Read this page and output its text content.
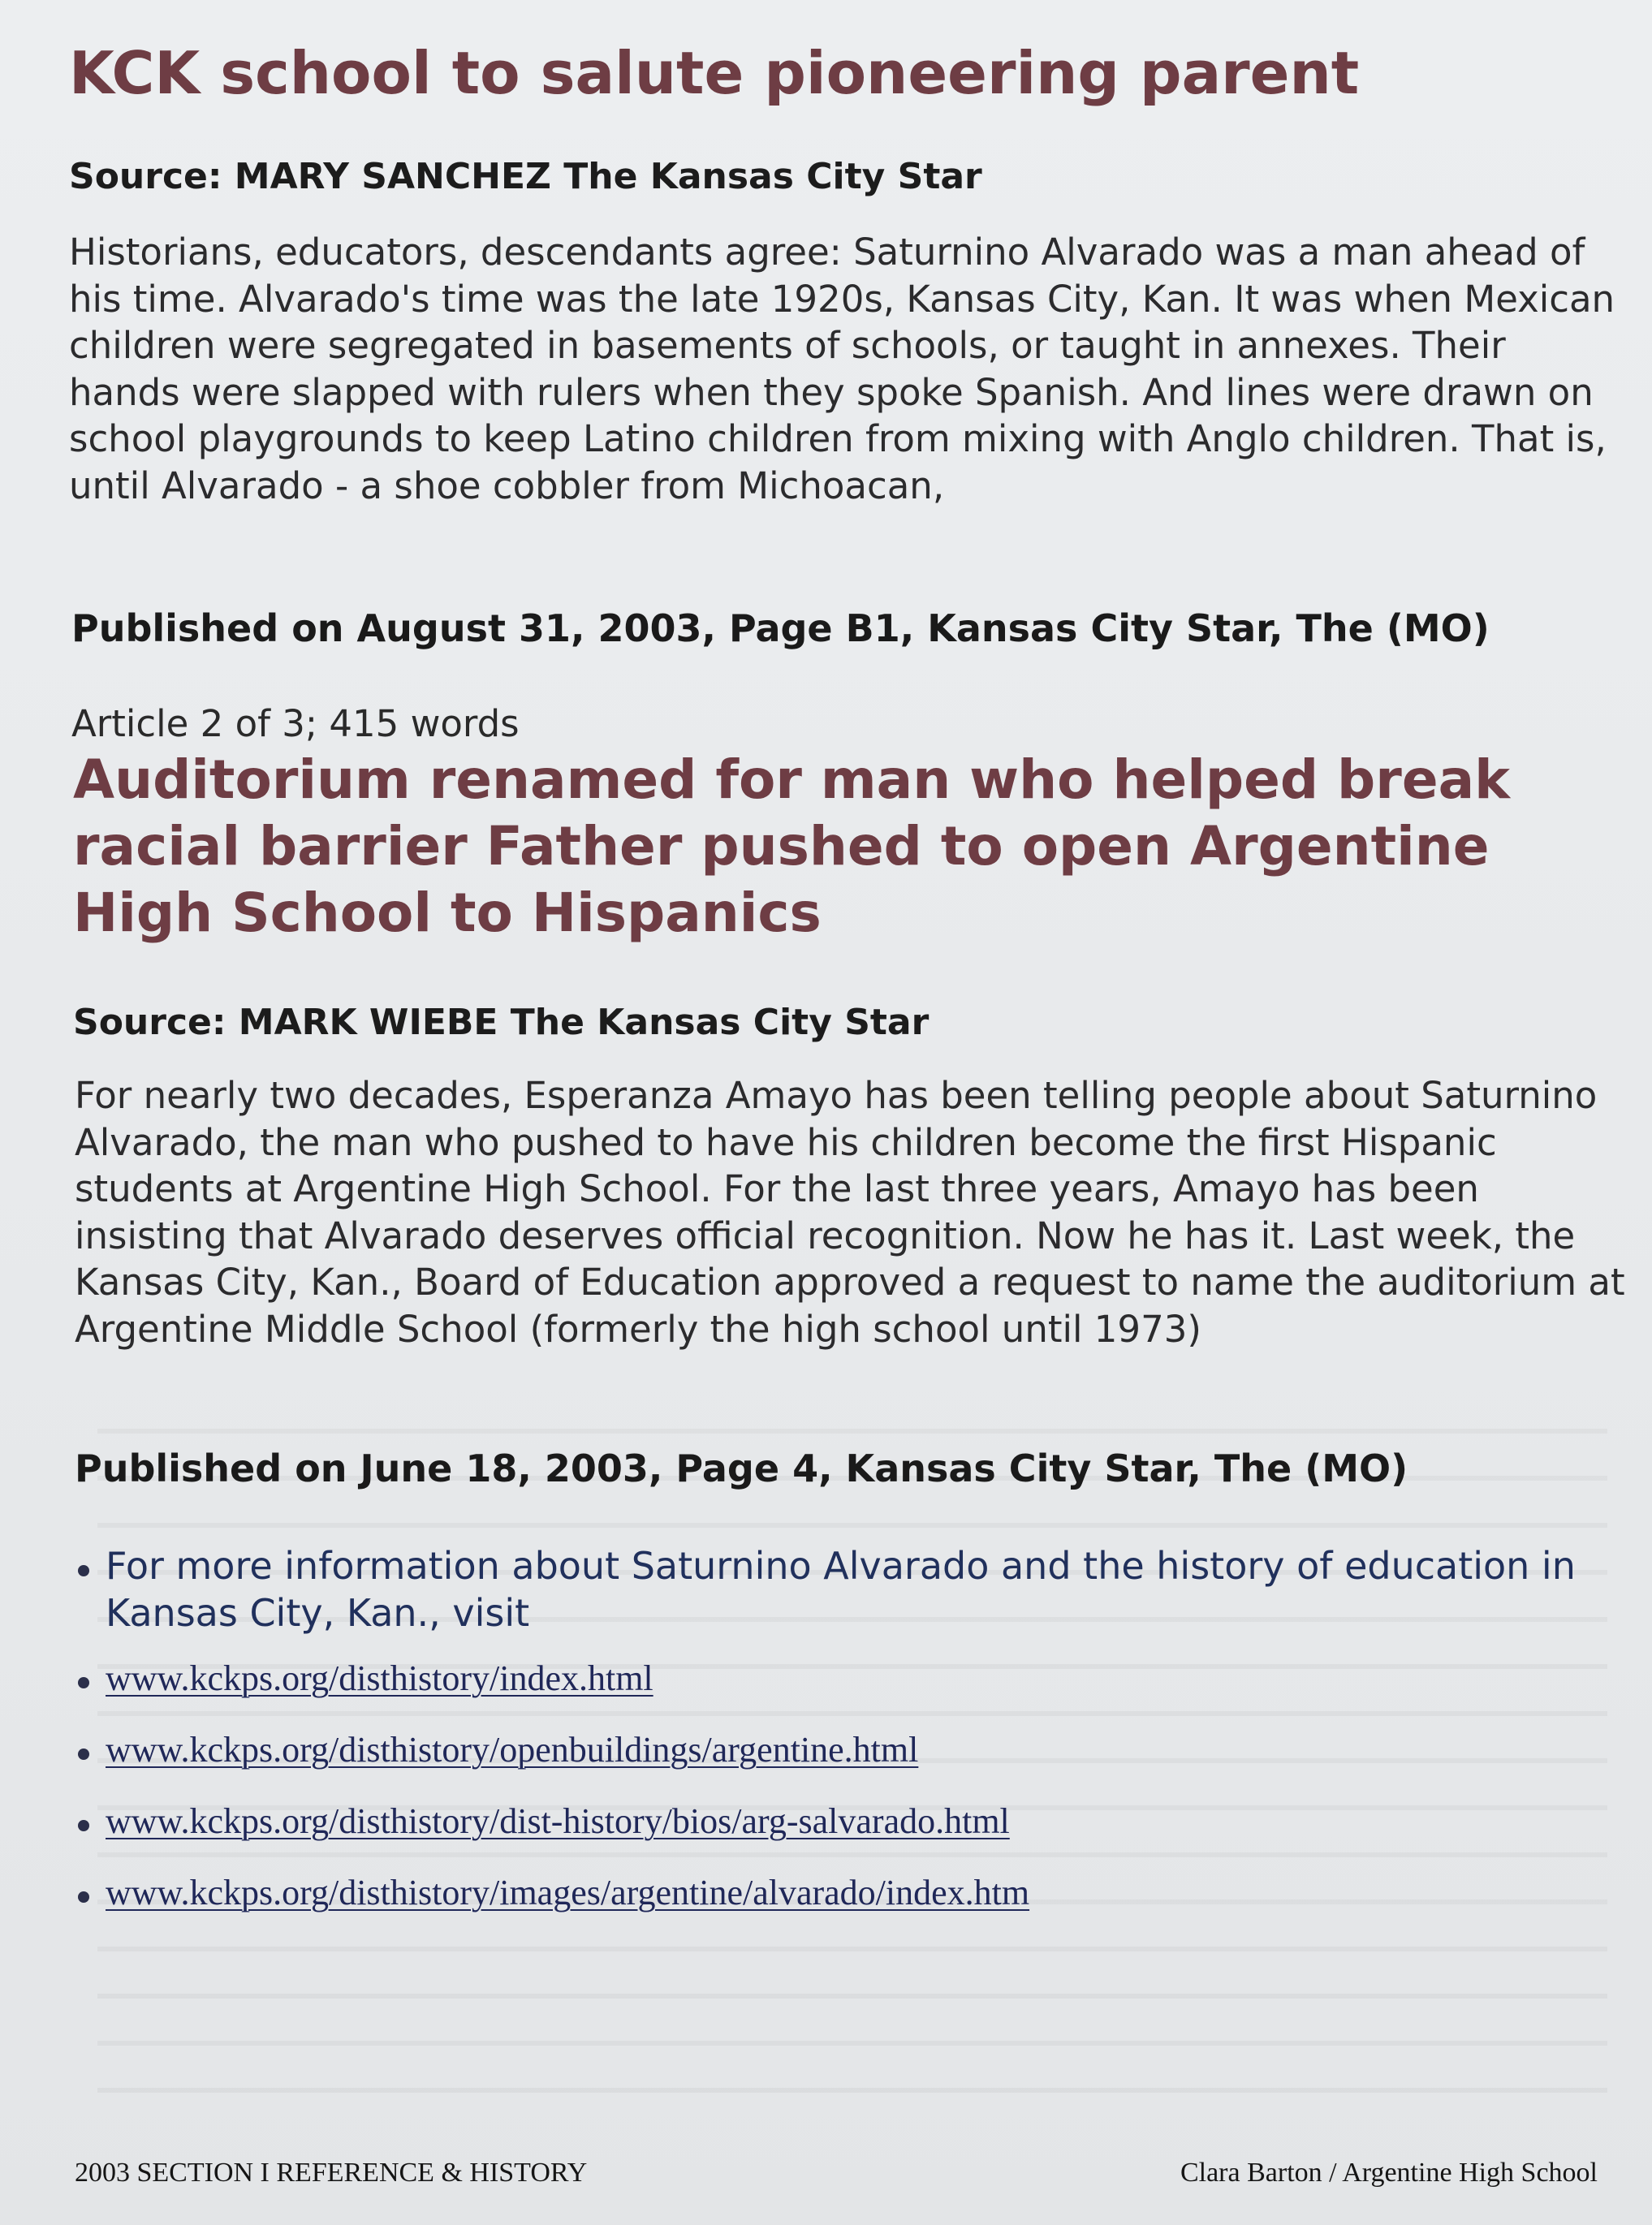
KCK school to salute pioneering parent

Source: MARY SANCHEZ The Kansas City Star

Historians, educators, descendants agree: Saturnino Alvarado was a man ahead of his time. Alvarado's time was the late 1920s, Kansas City, Kan. It was when Mexican children were segregated in basements of schools, or taught in annexes. Their hands were slapped with rulers when they spoke Spanish. And lines were drawn on school playgrounds to keep Latino children from mixing with Anglo children. That is, until Alvarado - a shoe cobbler from Michoacan,

Published on August 31, 2003, Page B1, Kansas City Star, The (MO)

Article 2 of 3; 415 words

Auditorium renamed for man who helped break racial barrier Father pushed to open Argentine High School to Hispanics

Source: MARK WIEBE The Kansas City Star

For nearly two decades, Esperanza Amayo has been telling people about Saturnino Alvarado, the man who pushed to have his children become the first Hispanic students at Argentine High School. For the last three years, Amayo has been insisting that Alvarado deserves official recognition. Now he has it. Last week, the Kansas City, Kan., Board of Education approved a request to name the auditorium at Argentine Middle School (formerly the high school until 1973)

Published on June 18, 2003, Page 4, Kansas City Star, The (MO)

For more information about Saturnino Alvarado and the history of education in Kansas City, Kan., visit
www.kckps.org/disthistory/index.html
www.kckps.org/disthistory/openbuildings/argentine.html
www.kckps.org/disthistory/dist-history/bios/arg-salvarado.html
www.kckps.org/disthistory/images/argentine/alvarado/index.htm

2003 SECTION I REFERENCE & HISTORY	Clara Barton / Argentine High School
